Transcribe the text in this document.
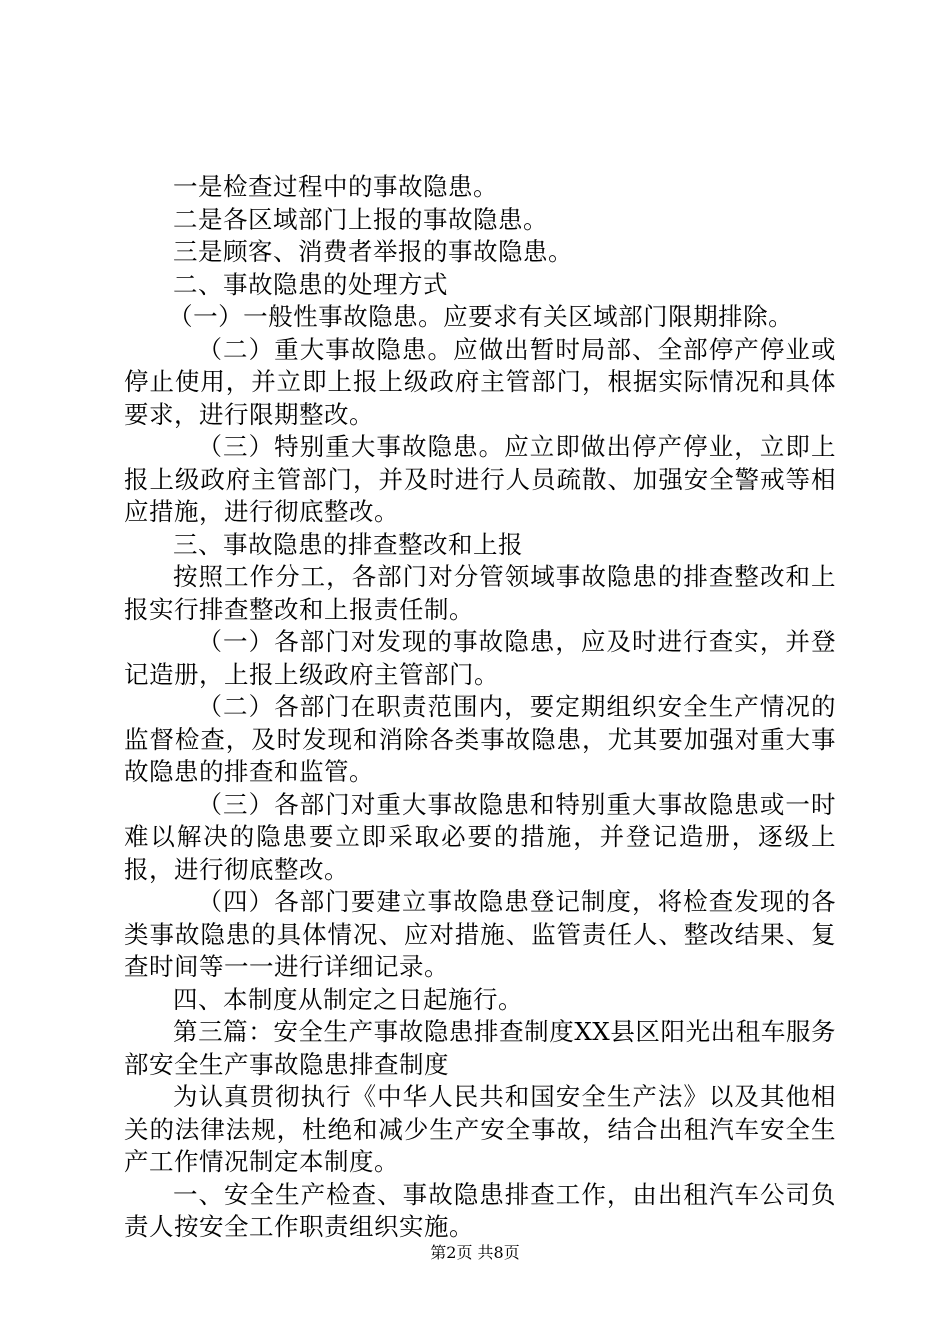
一是检查过程中的事故隐患。

二是各区域部门上报的事故隐患。

三是顾客、消费者举报的事故隐患。

二、事故隐患的处理方式

（一）一般性事故隐患。应要求有关区域部门限期排除。

（二）重大事故隐患。应做出暂时局部、全部停产停业或停止使用，并立即上报上级政府主管部门，根据实际情况和具体要求，进行限期整改。

（三）特别重大事故隐患。应立即做出停产停业，立即上报上级政府主管部门，并及时进行人员疏散、加强安全警戒等相应措施，进行彻底整改。

三、事故隐患的排查整改和上报

按照工作分工，各部门对分管领域事故隐患的排查整改和上报实行排查整改和上报责任制。

（一）各部门对发现的事故隐患，应及时进行查实，并登记造册，上报上级政府主管部门。

（二）各部门在职责范围内，要定期组织安全生产情况的监督检查，及时发现和消除各类事故隐患，尤其要加强对重大事故隐患的排查和监管。

（三）各部门对重大事故隐患和特别重大事故隐患或一时难以解决的隐患要立即采取必要的措施，并登记造册，逐级上报，进行彻底整改。

（四）各部门要建立事故隐患登记制度，将检查发现的各类事故隐患的具体情况、应对措施、监管责任人、整改结果、复查时间等一一进行详细记录。

四、本制度从制定之日起施行。

第三篇：安全生产事故隐患排查制度XX县区阳光出租车服务部安全生产事故隐患排查制度

为认真贯彻执行《中华人民共和国安全生产法》以及其他相关的法律法规，杜绝和减少生产安全事故，结合出租汽车安全生产工作情况制定本制度。

一、安全生产检查、事故隐患排查工作，由出租汽车公司负责人按安全工作职责组织实施。

第2页 共8页
